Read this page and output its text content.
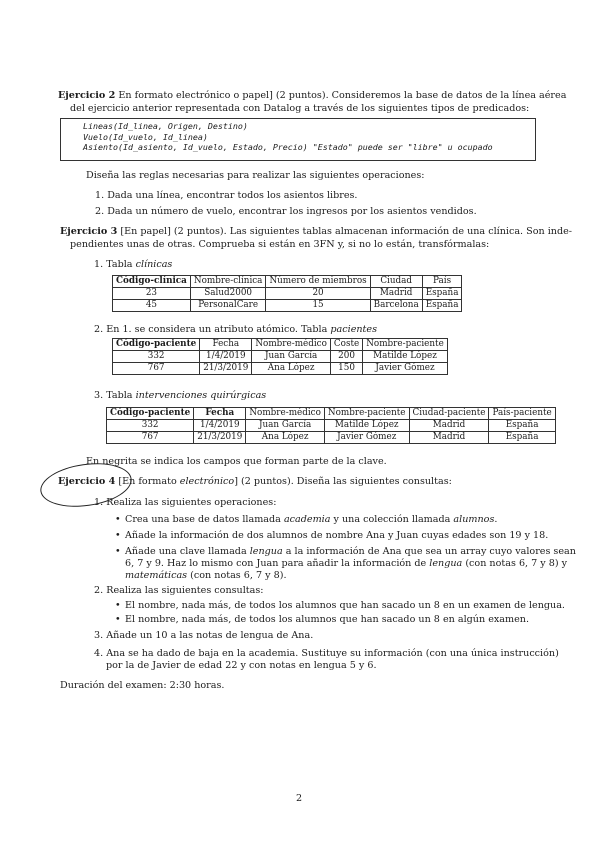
Ejercicio 2 En formato electrónico o papel] (2 puntos). Consideremos la base de datos de la línea aérea
del ejercicio anterior representada con Datalog a través de los siguientes tipos de predicados:
Lineas(Id_linea, Origen, Destino)
Vuelo(Id_vuelo, Id_linea)
Asiento(Id_asiento, Id_vuelo, Estado, Precio) "Estado" puede ser "libre" u ocupado
Diseña las reglas necesarias para realizar las siguientes operaciones:
1. Dada una línea, encontrar todos los asientos libres.
2. Dada un número de vuelo, encontrar los ingresos por los asientos vendidos.
Ejercicio 3 [En papel] (2 puntos). Las siguientes tablas almacenan información de una clínica. Son inde-
pendientes unas de otras. Comprueba si están en 3FN y, si no lo están, transfórmalas:
1. Tabla clínicas
Código-clínica	Nombre-clínica	Número de miembros	Ciudad	País
23	Salud2000	20	Madrid	España
45	PersonalCare	15	Barcelona	España
2. En 1. se considera un atributo atómico. Tabla pacientes
Código-paciente	Fecha	Nombre-médico	Coste	Nombre-paciente
332	1/4/2019	Juan García	200	Matilde López
767	21/3/2019	Ana López	150	Javier Gómez
3. Tabla intervenciones quirúrgicas
Código-paciente	Fecha	Nombre-médico	Nombre-paciente	Ciudad-paciente	País-paciente
332	1/4/2019	Juan García	Matilde López	Madrid	España
767	21/3/2019	Ana López	Javier Gómez	Madrid	España
En negrita se indica los campos que forman parte de la clave.
Ejercicio 4 [En formato electrónico] (2 puntos). Diseña las siguientes consultas:
1. Realiza las siguientes operaciones:
• Crea una base de datos llamada academia y una colección llamada alumnos.
• Añade la información de dos alumnos de nombre Ana y Juan cuyas edades son 19 y 18.
• Añade una clave llamada lengua a la información de Ana que sea un array cuyo valores sean
6, 7 y 9. Haz lo mismo con Juan para añadir la información de lengua (con notas 6, 7 y 8) y
matemáticas (con notas 6, 7 y 8).
2. Realiza las siguientes consultas:
• El nombre, nada más, de todos los alumnos que han sacado un 8 en un examen de lengua.
• El nombre, nada más, de todos los alumnos que han sacado un 8 en algún examen.
3. Añade un 10 a las notas de lengua de Ana.
4. Ana se ha dado de baja en la academia. Sustituye su información (con una única instrucción)
por la de Javier de edad 22 y con notas en lengua 5 y 6.
Duración del examen: 2:30 horas.
2
